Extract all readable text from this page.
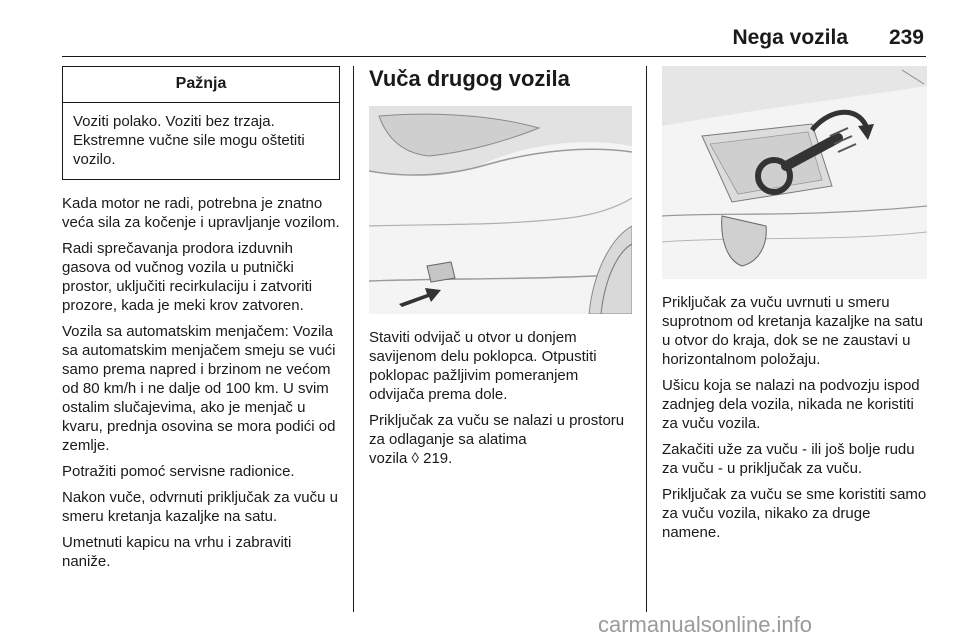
Nega vozila 239
Pažnja
Voziti polako. Voziti bez trzaja. Ekstremne vučne sile mogu oštetiti vozilo.

Kada motor ne radi, potrebna je znatno veća sila za kočenje i upravljanje vozilom.

Radi sprečavanja prodora izduvnih gasova od vučnog vozila u putnički prostor, uključiti recirkulaciju i zatvoriti prozore, kada je meki krov zatvoren.

Vozila sa automatskim menjačem: Vozila sa automatskim menjačem smeju se vući samo prema napred i brzinom ne većom od 80 km/h i ne dalje od 100 km. U svim ostalim slučajevima, ako je menjač u kvaru, prednja osovina se mora podići od zemlje.

Potražiti pomoć servisne radionice.

Nakon vuče, odvrnuti priključak za vuču u smeru kretanja kazaljke na satu.

Umetnuti kapicu na vrhu i zabraviti naniže.

Vuča drugog vozila

Staviti odvijač u otvor u donjem savijenom delu poklopca. Otpustiti poklopac pažljivim pomeranjem odvijača prema dole.

Priključak za vuču se nalazi u prostoru za odlaganje sa alatima
vozila ◊ 219.

Priključak za vuču uvrnuti u smeru suprotnom od kretanja kazaljke na satu u otvor do kraja, dok se ne zaustavi u horizontalnom položaju.

Ušicu koja se nalazi na podvozju ispod zadnjeg dela vozila, nikada ne koristiti za vuču vozila.

Zakačiti uže za vuču - ili još bolje rudu za vuču - u priključak za vuču.

Priključak za vuču se sme koristiti samo za vuču vozila, nikako za druge namene.

carmanualsonline.info
